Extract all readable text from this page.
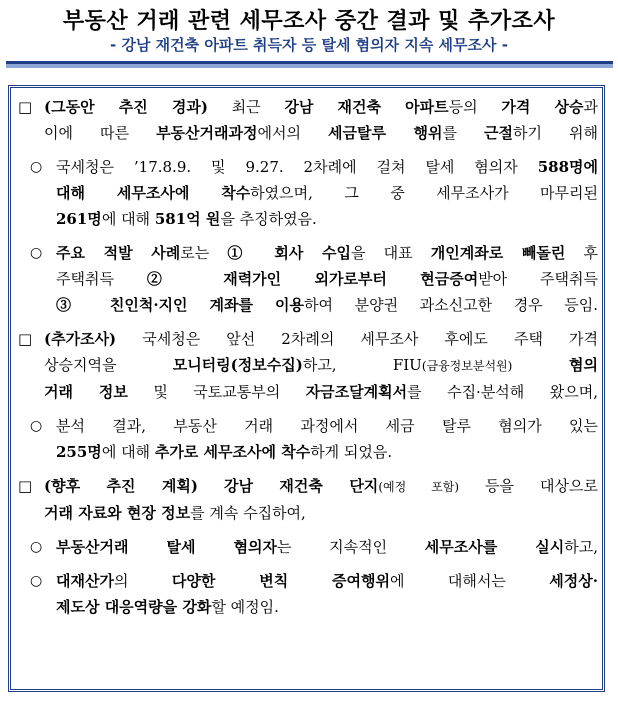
부동산 거래 관련 세무조사 중간 결과 및 추가조사
- 강남 재건축 아파트 취득자 등 탈세 혐의자 지속 세무조사 -
□ (그동안 추진 경과) 최근 강남 재건축 아파트등의 가격 상승과
이에 따른 부동산거래과정에서의 세금탈루 행위를 근절하기 위해
○ 국세청은 ’17.8.9. 및 9.27. 2차례에 걸쳐 탈세 혐의자 588명에
대해 세무조사에 착수하였으며, 그 중 세무조사가 마무리된
261명에 대해 581억 원을 추징하였음.
○ 주요 적발 사례로는 ① 회사 수입을 대표 개인계좌로 빼돌린 후
주택취득 ② 재력가인 외가로부터 현금증여받아 주택취득
③ 친인척·지인 계좌를 이용하여 분양권 과소신고한 경우 등임.
□ (추가조사) 국세청은 앞선 2차례의 세무조사 후에도 주택 가격
상승지역을 모니터링(정보수집)하고, FIU(금융정보분석원) 혐의
거래 정보 및 국토교통부의 자금조달계획서를 수집·분석해 왔으며,
○ 분석 결과, 부동산 거래 과정에서 세금 탈루 혐의가 있는
255명에 대해 추가로 세무조사에 착수하게 되었음.
□ (향후 추진 계획) 강남 재건축 단지(예정 포함) 등을 대상으로
거래 자료와 현장 정보를 계속 수집하여,
○ 부동산거래 탈세 혐의자는 지속적인 세무조사를 실시하고,
○ 대재산가의 다양한 변칙 증여행위에 대해서는 세정상·
제도상 대응역량을 강화할 예정임.
